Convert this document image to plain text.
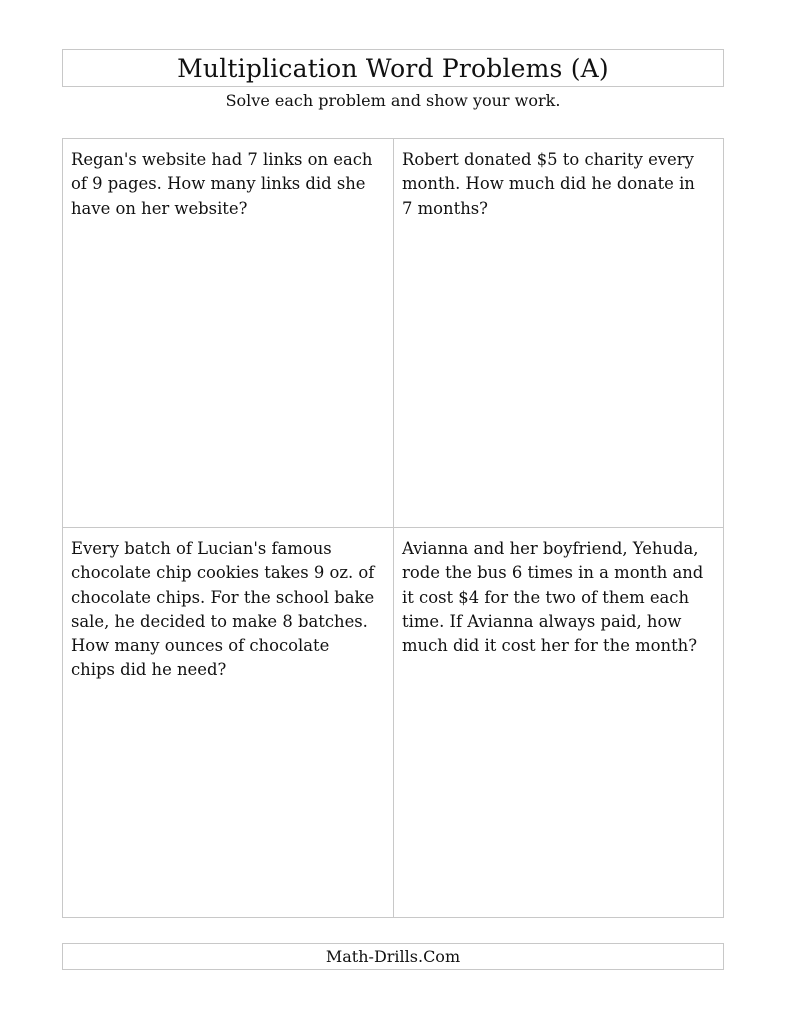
Multiplication Word Problems (A)
Solve each problem and show your work.
Regan's website had 7 links on each
of 9 pages. How many links did she
have on her website?
Robert donated $5 to charity every
month. How much did he donate in
7 months?
Every batch of Lucian's famous
chocolate chip cookies takes 9 oz. of
chocolate chips. For the school bake
sale, he decided to make 8 batches.
How many ounces of chocolate
chips did he need?
Avianna and her boyfriend, Yehuda,
rode the bus 6 times in a month and
it cost $4 for the two of them each
time. If Avianna always paid, how
much did it cost her for the month?
Math-Drills.Com
